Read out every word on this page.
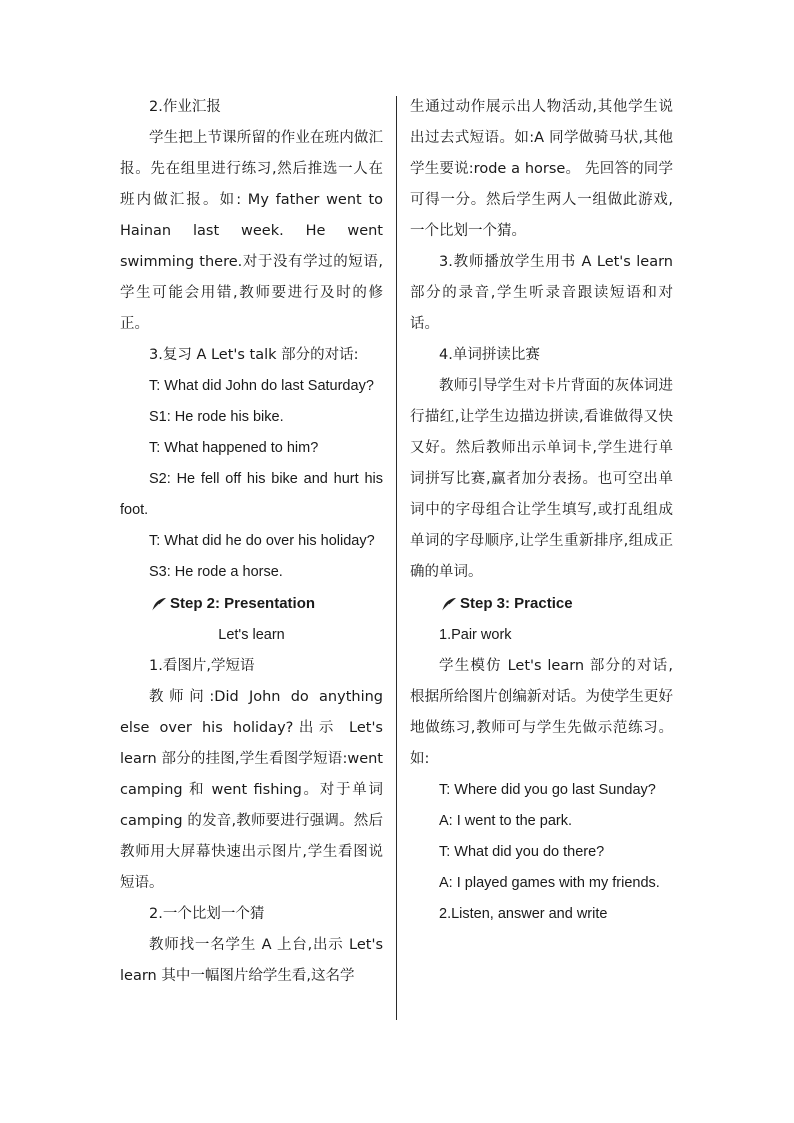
2.作业汇报

学生把上节课所留的作业在班内做汇报。先在组里进行练习,然后推选一人在班内做汇报。如: My father went to Hainan last week. He went swimming there.对于没有学过的短语,学生可能会用错,教师要进行及时的修正。

3.复习 A Let's talk 部分的对话:

T: What did John do last Saturday?

S1: He rode his bike.

T: What happened to him?

S2: He fell off his bike and hurt his foot.

T: What did he do over his holiday?

S3: He rode a horse.

Step 2: Presentation

Let's learn

1.看图片,学短语

教师问:Did John do anything else over his holiday?出示 Let's learn 部分的挂图,学生看图学短语:went camping 和 went fishing。对于单词 camping 的发音,教师要进行强调。然后教师用大屏幕快速出示图片,学生看图说短语。

2.一个比划一个猜

教师找一名学生 A 上台,出示 Let's learn 其中一幅图片给学生看,这名学

生通过动作展示出人物活动,其他学生说出过去式短语。如:A 同学做骑马状,其他学生要说:rode a horse。 先回答的同学可得一分。然后学生两人一组做此游戏,一个比划一个猜。

3.教师播放学生用书 A Let's learn 部分的录音,学生听录音跟读短语和对话。

4.单词拼读比赛

教师引导学生对卡片背面的灰体词进行描红,让学生边描边拼读,看谁做得又快又好。然后教师出示单词卡,学生进行单词拼写比赛,赢者加分表扬。也可空出单词中的字母组合让学生填写,或打乱组成单词的字母顺序,让学生重新排序,组成正确的单词。

Step 3: Practice

1.Pair work

学生模仿 Let's learn 部分的对话,根据所给图片创编新对话。为使学生更好地做练习,教师可与学生先做示范练习。如:

T: Where did you go last Sunday?

A: I went to the park.

T: What did you do there?

A: I played games with my friends.

2.Listen, answer and write
